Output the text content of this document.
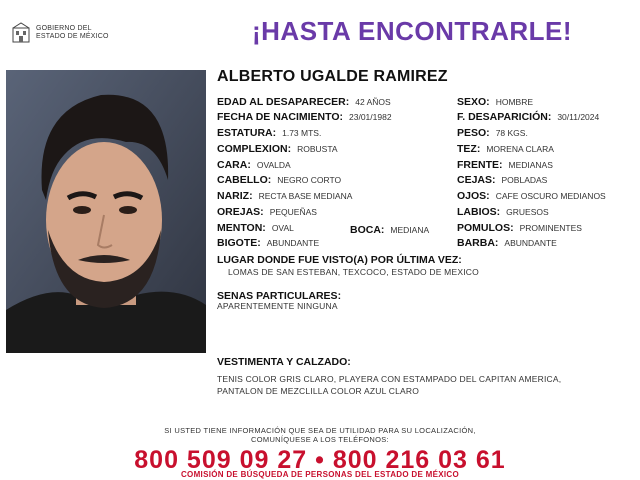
GOBIERNO DEL
ESTADO DE MÉXICO	¡HASTA ENCONTRARLE!
ALBERTO UGALDE RAMIREZ
EDAD AL DESAPARECER: 42 AÑOS
FECHA DE NACIMIENTO: 23/01/1982
ESTATURA: 1.73 MTS.
COMPLEXION: ROBUSTA
CARA: OVALDA
CABELLO: NEGRO CORTO
NARIZ: RECTA BASE MEDIANA
OREJAS: PEQUEÑAS
MENTON: OVAL	BOCA: MEDIANA
BIGOTE: ABUNDANTE
SEXO: HOMBRE
F. DESAPARICIÓN: 30/11/2024
PESO: 78 KGS.
TEZ: MORENA CLARA
FRENTE: MEDIANAS
CEJAS: POBLADAS
OJOS: CAFE OSCURO MEDIANOS
LABIOS: GRUESOS
POMULOS: PROMINENTES
BARBA: ABUNDANTE
LUGAR DONDE FUE VISTO(A) POR ÚLTIMA VEZ:
LOMAS DE SAN ESTEBAN, TEXCOCO, ESTADO DE MEXICO
SENAS PARTICULARES:
APARENTEMENTE NINGUNA
VESTIMENTA Y CALZADO:
TENIS COLOR GRIS CLARO, PLAYERA CON ESTAMPADO DEL CAPITAN AMERICA,
PANTALON DE MEZCLILLA COLOR AZUL CLARO
SI USTED TIENE INFORMACIÓN QUE SEA DE UTILIDAD PARA SU LOCALIZACIÓN,
COMUNÍQUESE A LOS TELÉFONOS:
800 509 09 27 • 800 216 03 61
COMISIÓN DE BÚSQUEDA DE PERSONAS DEL ESTADO DE MÉXICO
